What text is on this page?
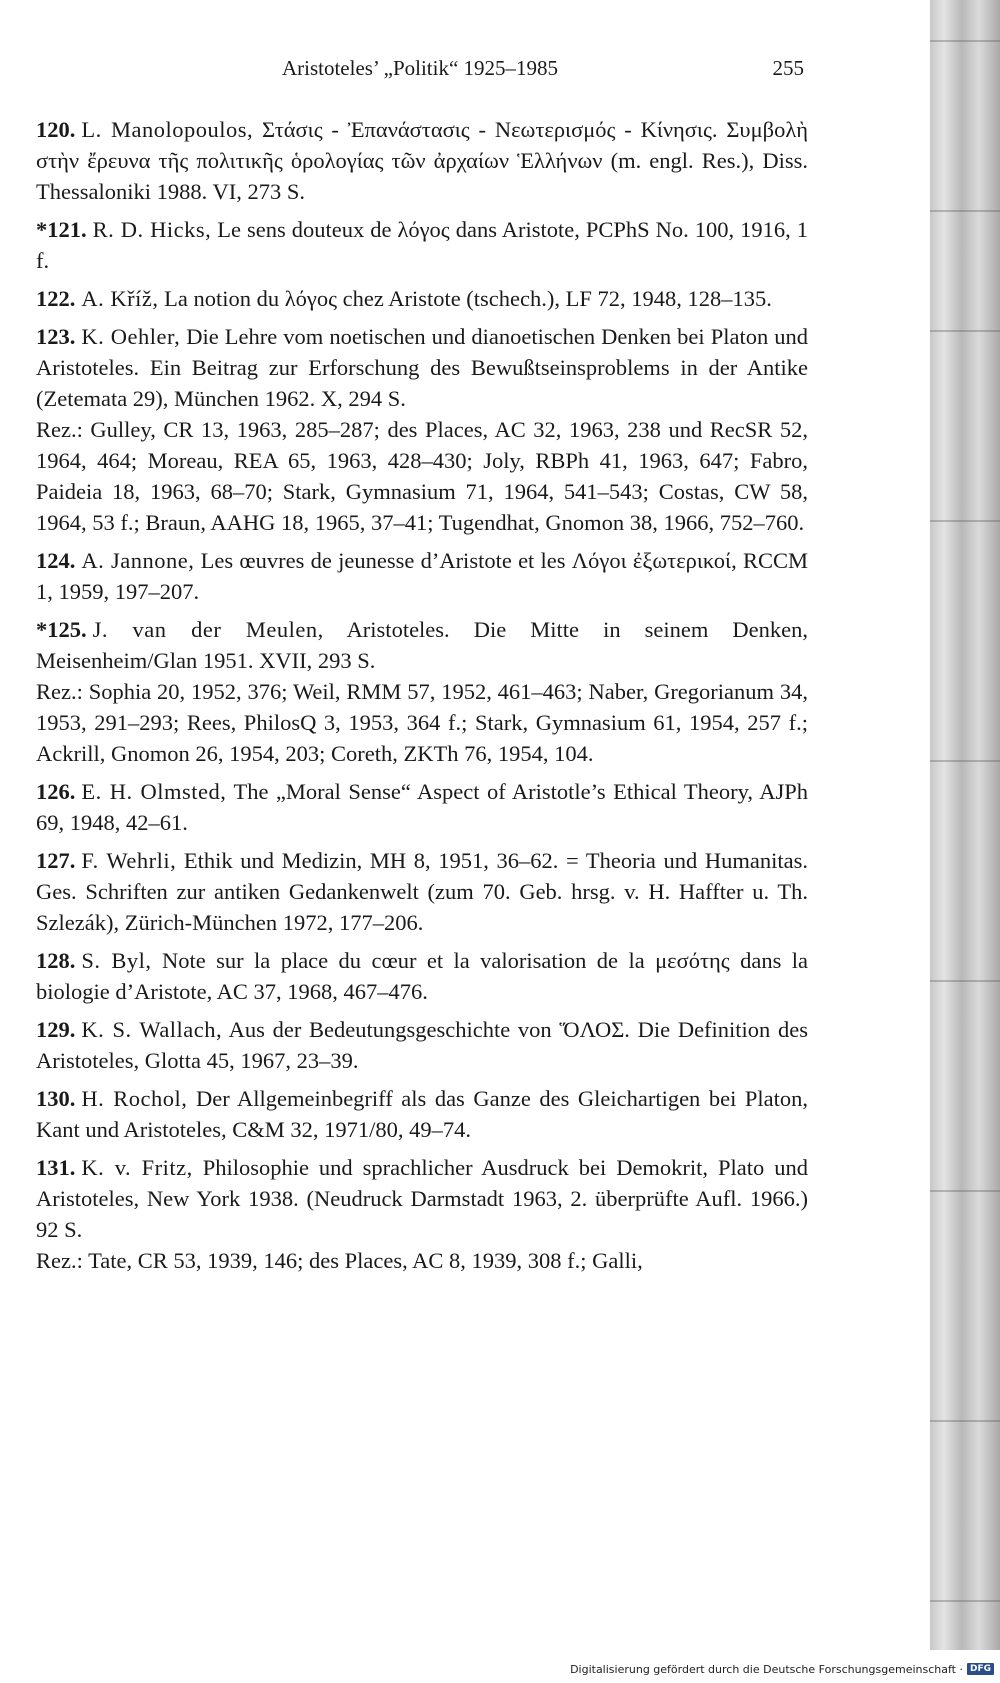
Aristoteles’ „Politik“ 1925–1985	255

120. L. Manolopoulos, Στάσις - Ἐπανάστασις - Νεωτερισμός - Κίνησις. Συμβολὴ στὴν ἔρευνα τῆς πολιτικῆς ὁρολογίας τῶν ἀρχαίων Ἑλλήνων (m. engl. Res.), Diss. Thessaloniki 1988. VI, 273 S.

*121. R. D. Hicks, Le sens douteux de λόγος dans Aristote, PCPhS No. 100, 1916, 1 f.

122. A. Kříž, La notion du λόγος chez Aristote (tschech.), LF 72, 1948, 128–135.

123. K. Oehler, Die Lehre vom noetischen und dianoetischen Denken bei Platon und Aristoteles. Ein Beitrag zur Erforschung des Bewußtseinsproblems in der Antike (Zetemata 29), München 1962. X, 294 S.

Rez.: Gulley, CR 13, 1963, 285–287; des Places, AC 32, 1963, 238 und RecSR 52, 1964, 464; Moreau, REA 65, 1963, 428–430; Joly, RBPh 41, 1963, 647; Fabro, Paideia 18, 1963, 68–70; Stark, Gymnasium 71, 1964, 541–543; Costas, CW 58, 1964, 53 f.; Braun, AAHG 18, 1965, 37–41; Tugendhat, Gnomon 38, 1966, 752–760.

124. A. Jannone, Les œuvres de jeunesse d’Aristote et les Λόγοι ἐξωτερικοί, RCCM 1, 1959, 197–207.

*125. J. van der Meulen, Aristoteles. Die Mitte in seinem Denken, Meisenheim/Glan 1951. XVII, 293 S.

Rez.: Sophia 20, 1952, 376; Weil, RMM 57, 1952, 461–463; Naber, Gregorianum 34, 1953, 291–293; Rees, PhilosQ 3, 1953, 364 f.; Stark, Gymnasium 61, 1954, 257 f.; Ackrill, Gnomon 26, 1954, 203; Coreth, ZKTh 76, 1954, 104.

126. E. H. Olmsted, The „Moral Sense“ Aspect of Aristotle’s Ethical Theory, AJPh 69, 1948, 42–61.

127. F. Wehrli, Ethik und Medizin, MH 8, 1951, 36–62. = Theoria und Humanitas. Ges. Schriften zur antiken Gedankenwelt (zum 70. Geb. hrsg. v. H. Haffter u. Th. Szlezák), Zürich-München 1972, 177–206.

128. S. Byl, Note sur la place du cœur et la valorisation de la μεσότης dans la biologie d’Aristote, AC 37, 1968, 467–476.

129. K. S. Wallach, Aus der Bedeutungsgeschichte von ὍΛΟΣ. Die Definition des Aristoteles, Glotta 45, 1967, 23–39.

130. H. Rochol, Der Allgemeinbegriff als das Ganze des Gleichartigen bei Platon, Kant und Aristoteles, C&M 32, 1971/80, 49–74.

131. K. v. Fritz, Philosophie und sprachlicher Ausdruck bei Demokrit, Plato und Aristoteles, New York 1938. (Neudruck Darmstadt 1963, 2. überprüfte Aufl. 1966.) 92 S.

Rez.: Tate, CR 53, 1939, 146; des Places, AC 8, 1939, 308 f.; Galli,

Digitalisierung gefördert durch die Deutsche Forschungsgemeinschaft · DFG
